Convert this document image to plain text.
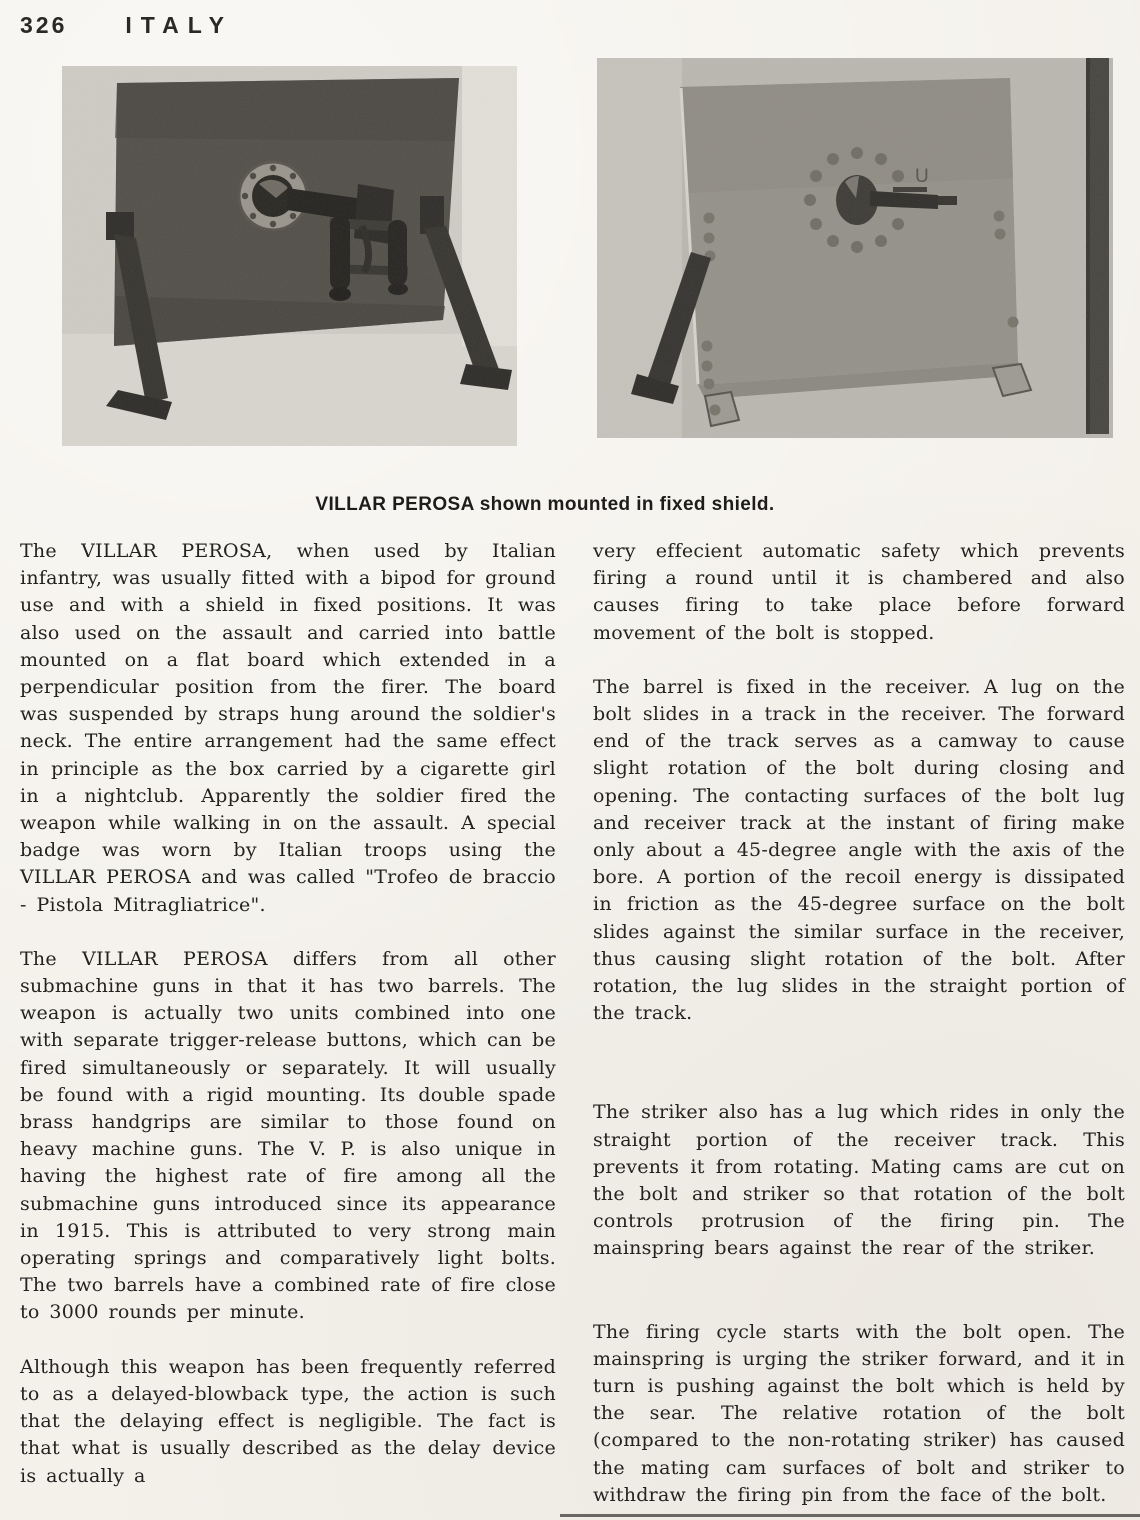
326	ITALY
U
VILLAR PEROSA shown mounted in fixed shield.

The VILLAR PEROSA, when used by Italian infantry, was usually fitted with a bipod for ground use and with a shield in fixed positions. It was also used on the assault and carried into battle mounted on a flat board which extended in a perpendicular position from the firer. The board was suspended by straps hung around the soldier's neck. The entire arrangement had the same effect in principle as the box carried by a cigarette girl in a nightclub. Apparently the soldier fired the weapon while walking in on the assault. A special badge was worn by Italian troops using the VILLAR PEROSA and was called "Trofeo de braccio - Pistola Mitragliatrice".

The VILLAR PEROSA differs from all other submachine guns in that it has two barrels. The weapon is actually two units combined into one with separate trigger-release buttons, which can be fired simultaneously or separately. It will usually be found with a rigid mounting. Its double spade brass handgrips are similar to those found on heavy machine guns. The V. P. is also unique in having the highest rate of fire among all the submachine guns introduced since its appearance in 1915. This is attributed to very strong main operating springs and comparatively light bolts. The two barrels have a combined rate of fire close to 3000 rounds per minute.

Although this weapon has been frequently referred to as a delayed-blowback type, the action is such that the delaying effect is negligible. The fact is that what is usually described as the delay device is actually a

very effecient automatic safety which prevents firing a round until it is chambered and also causes firing to take place before forward movement of the bolt is stopped.

The barrel is fixed in the receiver. A lug on the bolt slides in a track in the receiver. The forward end of the track serves as a camway to cause slight rotation of the bolt during closing and opening. The contacting surfaces of the bolt lug and receiver track at the instant of firing make only about a 45-degree angle with the axis of the bore. A portion of the recoil energy is dissipated in friction as the 45-degree surface on the bolt slides against the similar surface in the receiver, thus causing slight rotation of the bolt. After rotation, the lug slides in the straight portion of the track.

The striker also has a lug which rides in only the straight portion of the receiver track. This prevents it from rotating. Mating cams are cut on the bolt and striker so that rotation of the bolt controls protrusion of the firing pin. The mainspring bears against the rear of the striker.

The firing cycle starts with the bolt open. The mainspring is urging the striker forward, and it in turn is pushing against the bolt which is held by the sear. The relative rotation of the bolt (compared to the non-rotating striker) has caused the mating cam surfaces of bolt and striker to withdraw the firing pin from the face of the bolt.
